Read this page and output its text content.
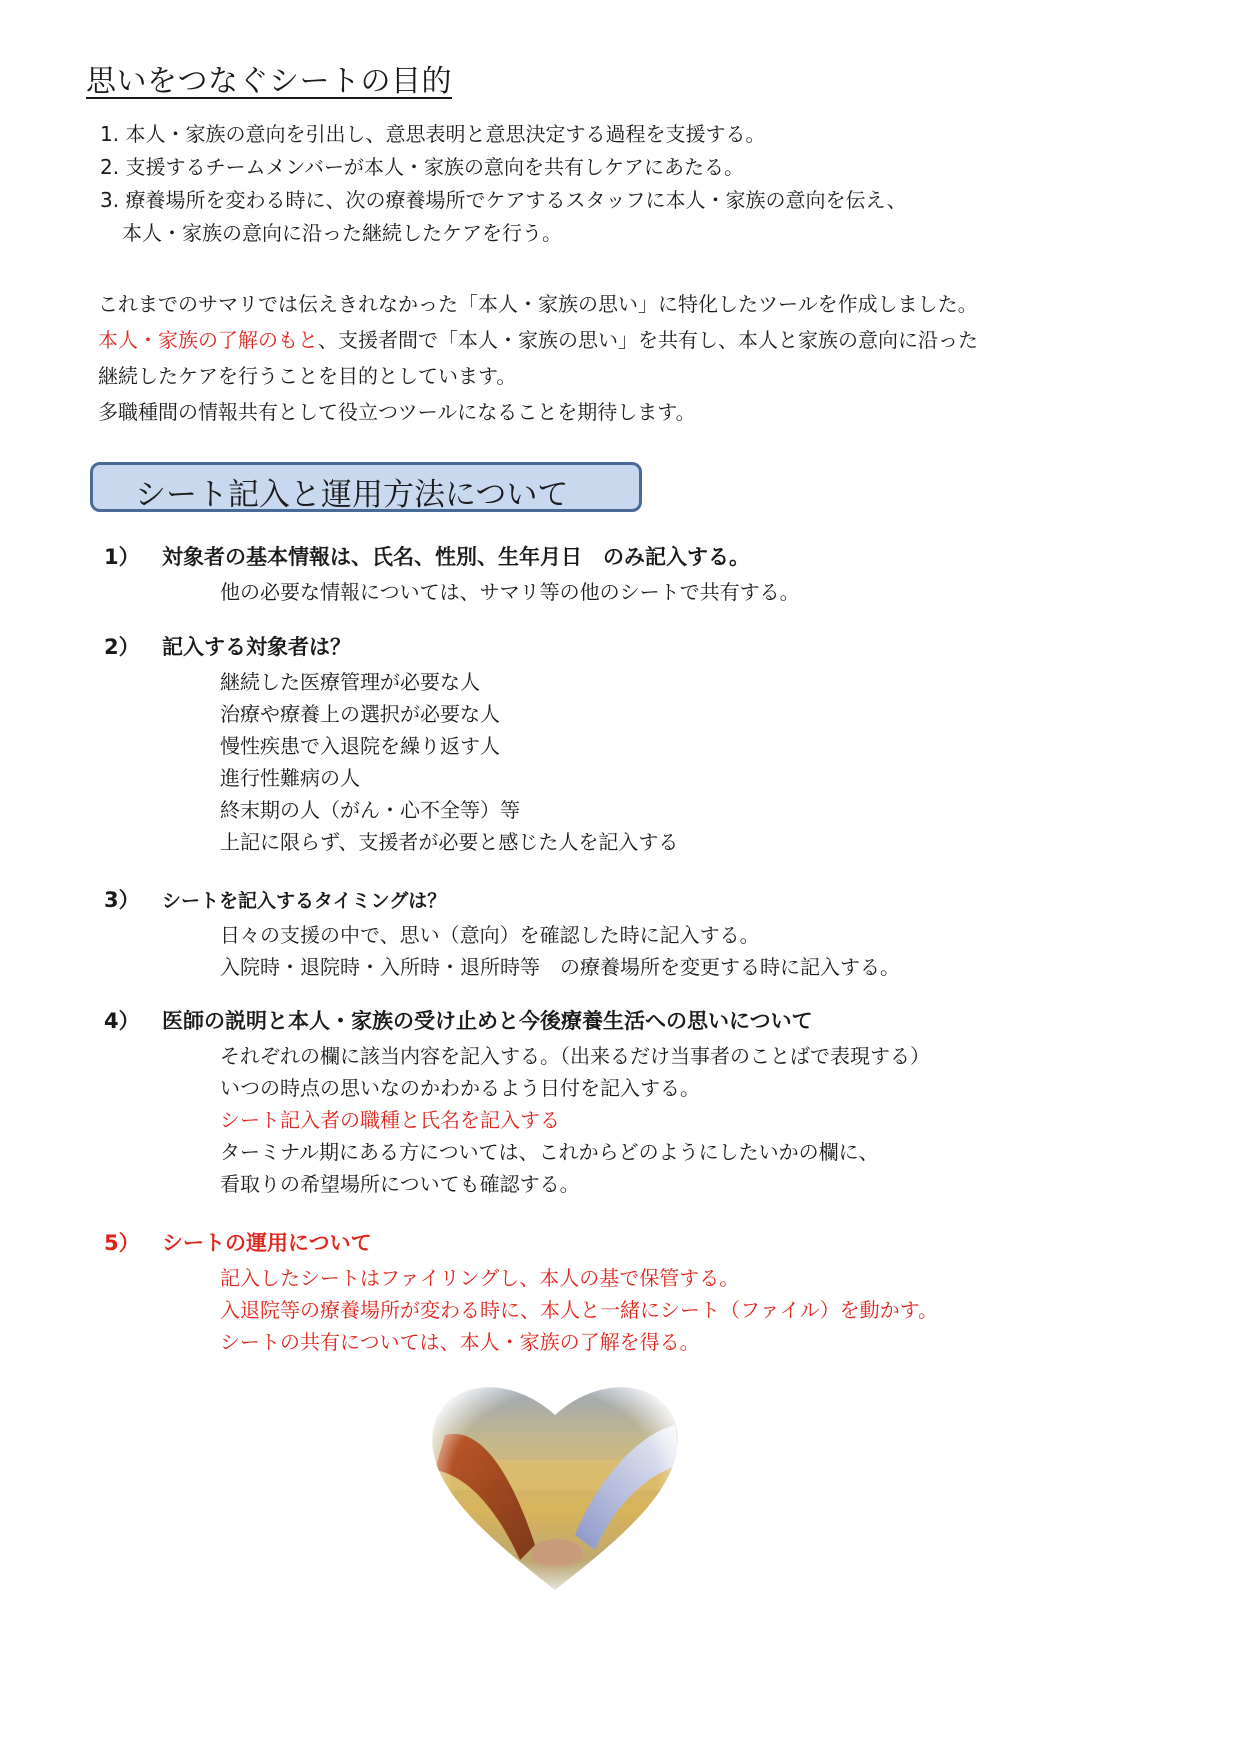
思いをつなぐシートの目的
1. 本人・家族の意向を引出し、意思表明と意思決定する過程を支援する。
2. 支援するチームメンバーが本人・家族の意向を共有しケアにあたる。
3. 療養場所を変わる時に、次の療養場所でケアするスタッフに本人・家族の意向を伝え、
本人・家族の意向に沿った継続したケアを行う。

これまでのサマリでは伝えきれなかった「本人・家族の思い」に特化したツールを作成しました。

本人・家族の了解のもと、支援者間で「本人・家族の思い」を共有し、本人と家族の意向に沿った

継続したケアを行うことを目的としています。

多職種間の情報共有として役立つツールになることを期待します。

シート記入と運用方法について
1） 対象者の基本情報は、氏名、性別、生年月日　のみ記入する。
他の必要な情報については、サマリ等の他のシートで共有する。
2） 記入する対象者は？
継続した医療管理が必要な人
治療や療養上の選択が必要な人
慢性疾患で入退院を繰り返す人
進行性難病の人
終末期の人（がん・心不全等）等
上記に限らず、支援者が必要と感じた人を記入する
3） シートを記入するタイミングは？
日々の支援の中で、思い（意向）を確認した時に記入する。
入院時・退院時・入所時・退所時等　の療養場所を変更する時に記入する。
4） 医師の説明と本人・家族の受け止めと今後療養生活への思いについて
それぞれの欄に該当内容を記入する。（出来るだけ当事者のことばで表現する）
いつの時点の思いなのかわかるよう日付を記入する。
シート記入者の職種と氏名を記入する
ターミナル期にある方については、これからどのようにしたいかの欄に、
看取りの希望場所についても確認する。
5） シートの運用について
記入したシートはファイリングし、本人の基で保管する。
入退院等の療養場所が変わる時に、本人と一緒にシート（ファイル）を動かす。
シートの共有については、本人・家族の了解を得る。
